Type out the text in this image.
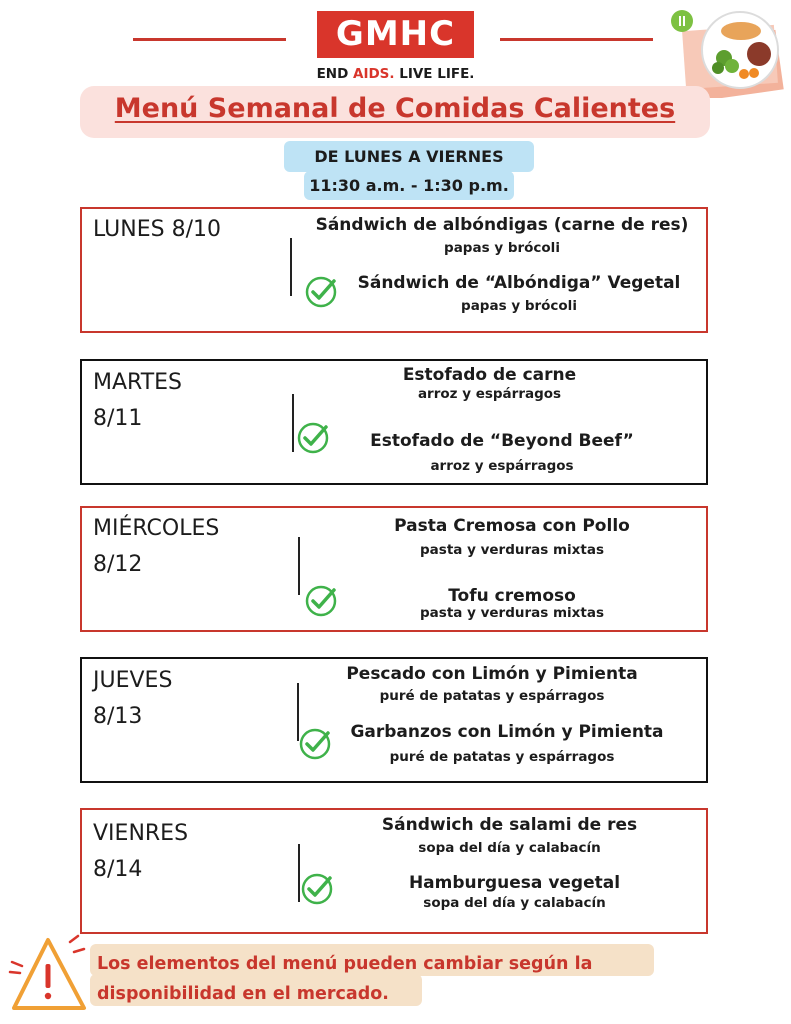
GMHC
END AIDS. LIVE LIFE.
Menú Semanal de Comidas Calientes
DE LUNES A VIERNES
11:30 a.m. - 1:30 p.m.
LUNES 8/10	Sándwich de albóndigas (carne de res)
papas y brócoli
Sándwich de “Albóndiga” Vegetal
papas y brócoli
MARTES
8/11
Estofado de carne
arroz y espárragos
Estofado de “Beyond Beef”
arroz y espárragos
MIÉRCOLES
8/12
Pasta Cremosa con Pollo
pasta y verduras mixtas
Tofu cremoso
pasta y verduras mixtas
JUEVES
8/13
Pescado con Limón y Pimienta
puré de patatas y espárragos
Garbanzos con Limón y Pimienta
puré de patatas y espárragos
VIENRES
8/14
Sándwich de salami de res
sopa del día y calabacín
Hamburguesa vegetal
sopa del día y calabacín
Los elementos del menú pueden cambiar según la
disponibilidad en el mercado.
